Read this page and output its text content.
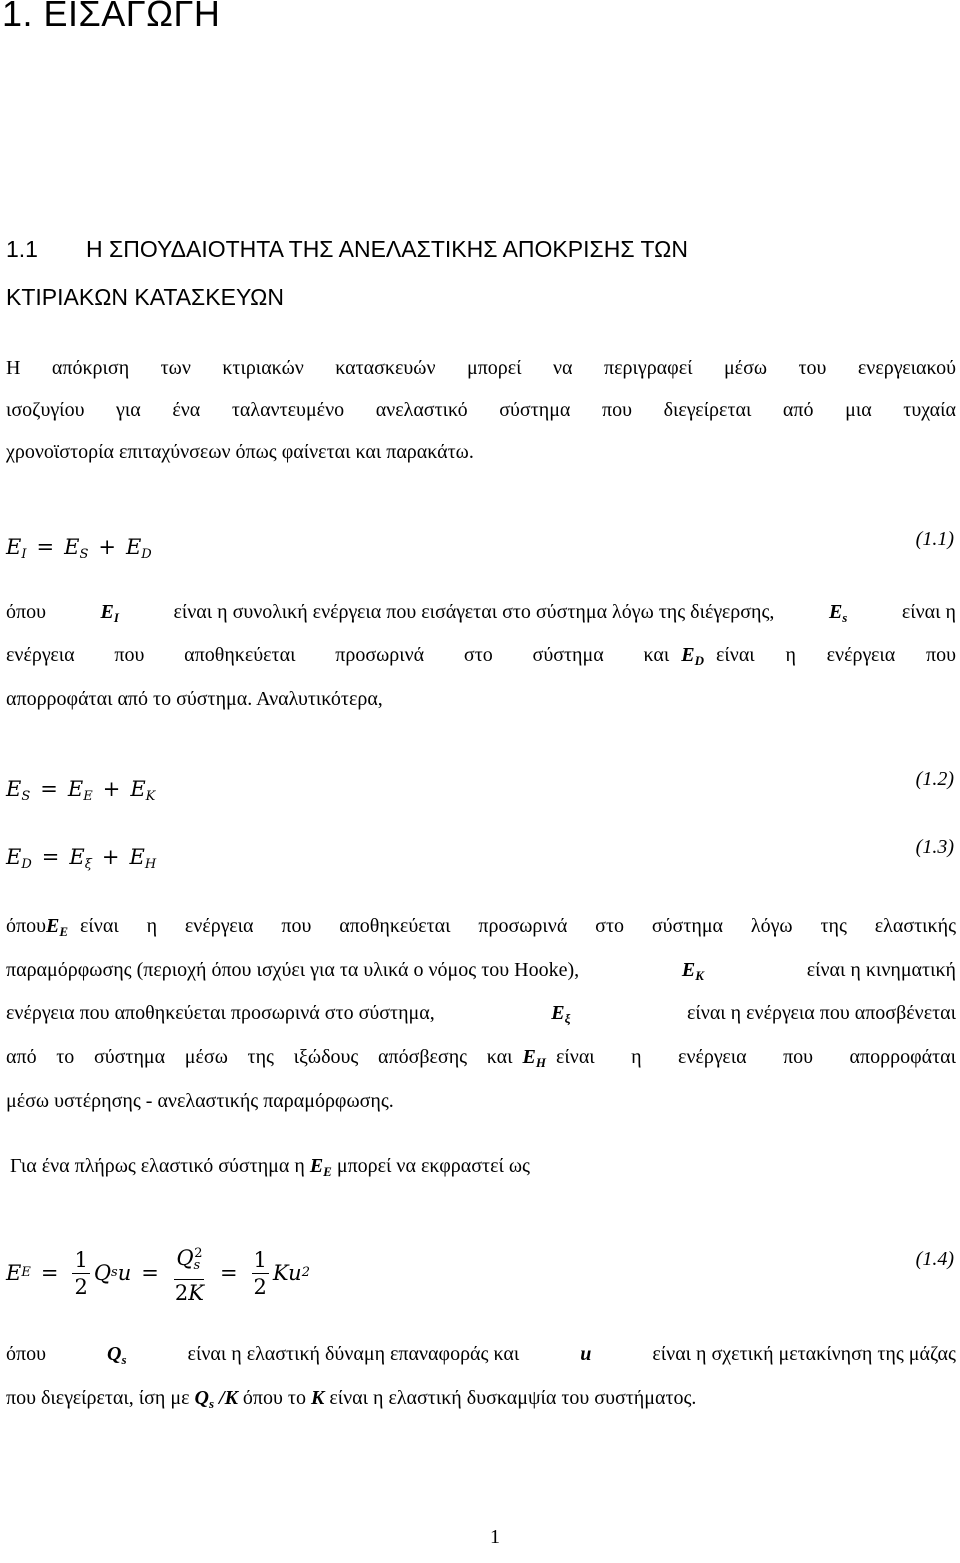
1. ΕΙΣΑΓΩΓΗ
1.1 Η ΣΠΟΥΔΑΙΟΤΗΤΑ ΤΗΣ ΑΝΕΛΑΣΤΙΚΗΣ ΑΠΟΚΡΙΣΗΣ ΤΩΝ
ΚΤΙΡΙΑΚΩΝ ΚΑΤΑΣΚΕΥΩΝ
Η απόκριση των κτιριακών κατασκευών μπορεί να περιγραφεί μέσω του ενεργειακού
ισοζυγίου για ένα ταλαντευμένο ανελαστικό σύστημα που διεγείρεται από μια τυχαία
χρονοϊστορία επιταχύνσεων όπως φαίνεται και παρακάτω.
$E_I = E_S + E_D$
(1.1)
όπου	$E_I$	είναι η συνολική ενέργεια που εισάγεται στο σύστημα λόγω της διέγερσης,	$E_s$	είναι η
ενέργεια που αποθηκεύεται προσωρινά στο σύστημα και $E_D$ είναι η ενέργεια που
απορροφάται από το σύστημα. Αναλυτικότερα,
$E_S = E_E + E_K$
(1.2)
$E_D = E_\xi + E_H$
(1.3)
όπου $E_E$ είναι η ενέργεια που αποθηκεύεται προσωρινά στο σύστημα λόγω της ελαστικής
παραμόρφωσης (περιοχή όπου ισχύει για τα υλικά ο νόμος του Hooke),	$E_K$	είναι η κινηματική
ενέργεια που αποθηκεύεται προσωρινά στο σύστημα,	$E_\xi$	είναι η ενέργεια που αποσβένεται
από το σύστημα μέσω της ιξώδους απόσβεσης και $E_H$ είναι η ενέργεια που απορροφάται
μέσω υστέρησης - ανελαστικής παραμόρφωσης.
Για ένα πλήρως ελαστικό σύστημα η $E_E$ μπορεί να εκφραστεί ως
E $E = \frac{1}{2}$ Q s $u = \frac{Q_s^2}{2K} = \frac{1}{2}$ Ku 2
(1.4)
όπου	$Q_s$	είναι η ελαστική δύναμη επαναφοράς και	u	είναι η σχετική μετακίνηση της μάζας
που διεγείρεται, ίση με $Q_s$ /K όπου το K είναι η ελαστική δυσκαμψία του συστήματος.
1
